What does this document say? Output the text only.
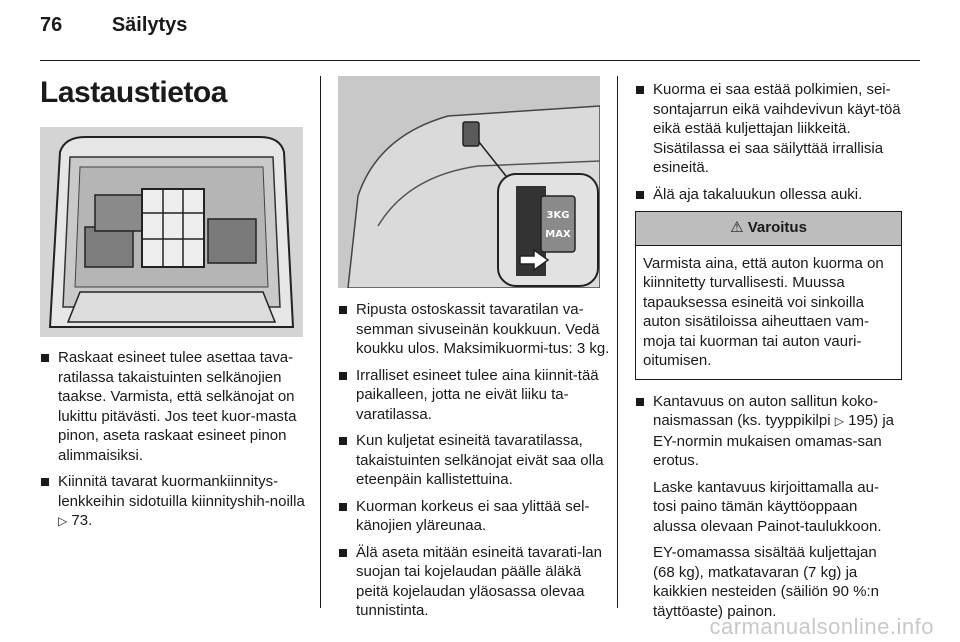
76 Säilytys
Lastaustietoa
Raskaat esineet tulee asettaa tava-ratilassa takaistuinten selkänojien taakse. Varmista, että selkänojat on lukittu pitävästi. Jos teet kuor-masta pinon, aseta raskaat esineet pinon alimmaisiksi.
Kiinnitä tavarat kuormankiinnitys-lenkkeihin sidotuilla kiinnityshih-noilla ▷ 73.
3KG
MAX
Ripusta ostoskassit tavaratilan va-semman sivuseinän koukkuun. Vedä koukku ulos. Maksimikuormi-tus: 3 kg.
Irralliset esineet tulee aina kiinnit-tää paikalleen, jotta ne eivät liiku ta-varatilassa.
Kun kuljetat esineitä tavaratilassa, takaistuinten selkänojat eivät saa olla eteenpäin kallistettuina.
Kuorman korkeus ei saa ylittää sel-känojien yläreunaa.
Älä aseta mitään esineitä tavarati-lan suojan tai kojelaudan päälle äläkä peitä kojelaudan yläosassa olevaa tunnistinta.
Kuorma ei saa estää polkimien, sei-sontajarrun eikä vaihdevivun käyt-töä eikä estää kuljettajan liikkeitä. Sisätilassa ei saa säilyttää irrallisia esineitä.
Älä aja takaluukun ollessa auki.
⚠ Varoitus
Varmista aina, että auton kuorma on kiinnitetty turvallisesti. Muussa tapauksessa esineitä voi sinkoilla auton sisätiloissa aiheuttaen vam-moja tai kuorman tai auton vauri-oitumisen.
Kantavuus on auton sallitun koko-naismassan (ks. tyyppikilpi ▷ 195) ja EY-normin mukaisen omamas-san erotus.

Laske kantavuus kirjoittamalla au-tosi paino tämän käyttöoppaan alussa olevaan Painot-taulukkoon.

EY-omamassa sisältää kuljettajan (68 kg), matkatavaran (7 kg) ja kaikkien nesteiden (säiliön 90 %:n täyttöaste) painon.

carmanualsonline.info
